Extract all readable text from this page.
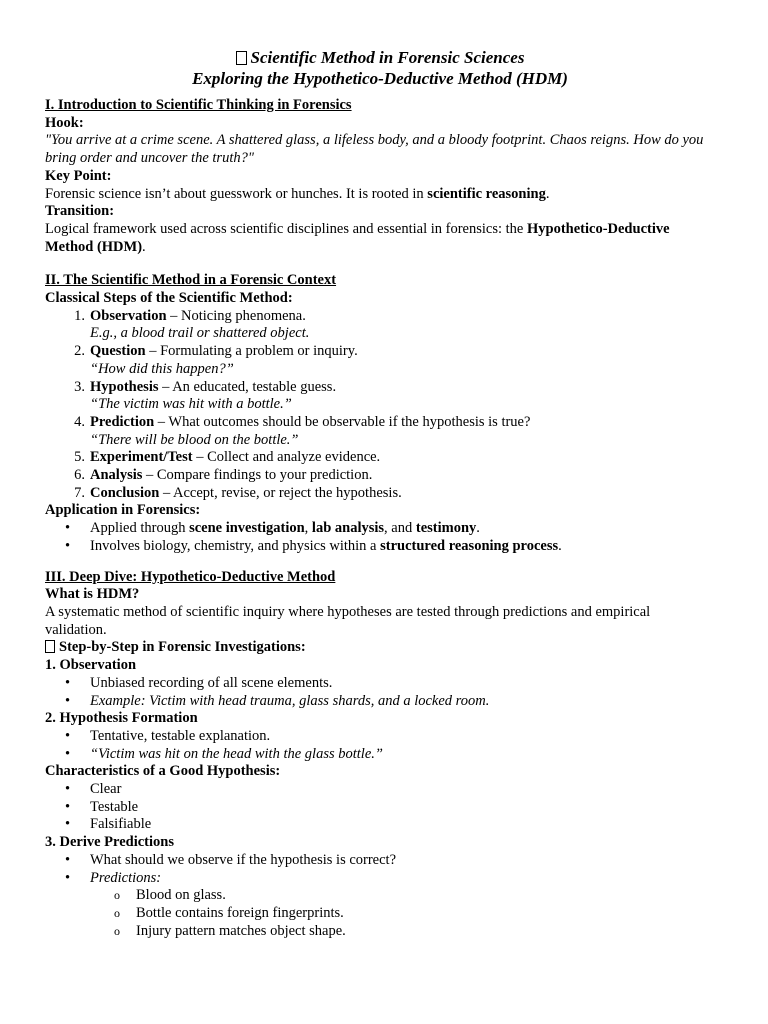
Scientific Method in Forensic Sciences
Exploring the Hypothetico-Deductive Method (HDM)
I. Introduction to Scientific Thinking in Forensics
Hook:

"You arrive at a crime scene. A shattered glass, a lifeless body, and a bloody footprint. Chaos reigns. How do you bring order and uncover the truth?"

Key Point:

Forensic science isn’t about guesswork or hunches. It is rooted in scientific reasoning.

Transition:

Logical framework used across scientific disciplines and essential in forensics: the Hypothetico-Deductive Method (HDM).

II. The Scientific Method in a Forensic Context
Classical Steps of the Scientific Method:
1. Observation – Noticing phenomena.
E.g., a blood trail or shattered object.
2. Question – Formulating a problem or inquiry.
“How did this happen?”
3. Hypothesis – An educated, testable guess.
“The victim was hit with a bottle.”
4. Prediction – What outcomes should be observable if the hypothesis is true?
“There will be blood on the bottle.”
5. Experiment/Test – Collect and analyze evidence.
6. Analysis – Compare findings to your prediction.
7. Conclusion – Accept, revise, or reject the hypothesis.
Application in Forensics:
• Applied through scene investigation, lab analysis, and testimony.
• Involves biology, chemistry, and physics within a structured reasoning process.
III. Deep Dive: Hypothetico-Deductive Method
What is HDM?

A systematic method of scientific inquiry where hypotheses are tested through predictions and empirical validation.

Step-by-Step in Forensic Investigations:
1. Observation
• Unbiased recording of all scene elements.
• Example: Victim with head trauma, glass shards, and a locked room.
2. Hypothesis Formation
• Tentative, testable explanation.
• “Victim was hit on the head with the glass bottle.”
Characteristics of a Good Hypothesis:
• Clear
• Testable
• Falsifiable
3. Derive Predictions
• What should we observe if the hypothesis is correct?
• Predictions:
o Blood on glass.
o Bottle contains foreign fingerprints.
o Injury pattern matches object shape.
